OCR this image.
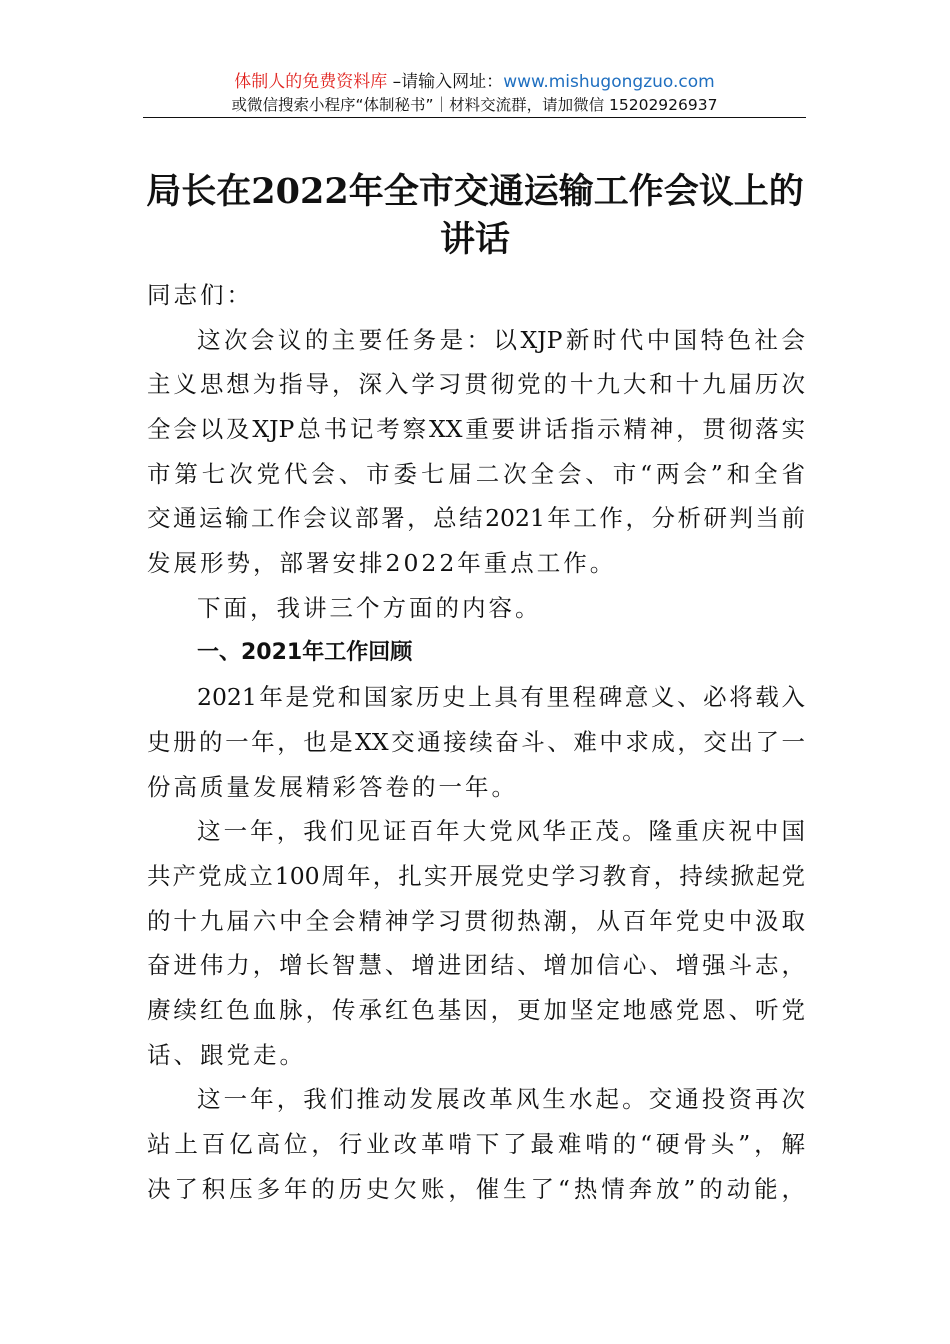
体制人的免费资料库 –请输入网址：www.mishugongzuo.com
或微信搜索小程序“体制秘书”｜材料交流群，请加微信 15202926937
局长在2022年全市交通运输工作会议上的
讲话
同志们：
这次会议的主要任务是：以XJP新时代中国特色社会
主义思想为指导，深入学习贯彻党的十九大和十九届历次
全会以及XJP总书记考察XX重要讲话指示精神，贯彻落实
市第七次党代会、市委七届二次全会、市“两会”和全省
交通运输工作会议部署，总结2021年工作，分析研判当前
发展形势，部署安排2022年重点工作。
下面，我讲三个方面的内容。
一、2021年工作回顾
2021年是党和国家历史上具有里程碑意义、必将载入
史册的一年，也是XX交通接续奋斗、难中求成，交出了一
份高质量发展精彩答卷的一年。
这一年，我们见证百年大党风华正茂。隆重庆祝中国
共产党成立100周年，扎实开展党史学习教育，持续掀起党
的十九届六中全会精神学习贯彻热潮，从百年党史中汲取
奋进伟力，增长智慧、增进团结、增加信心、增强斗志，
赓续红色血脉，传承红色基因，更加坚定地感党恩、听党
话、跟党走。
这一年，我们推动发展改革风生水起。交通投资再次
站上百亿高位，行业改革啃下了最难啃的“硬骨头”，解
决了积压多年的历史欠账，催生了“热情奔放”的动能，
